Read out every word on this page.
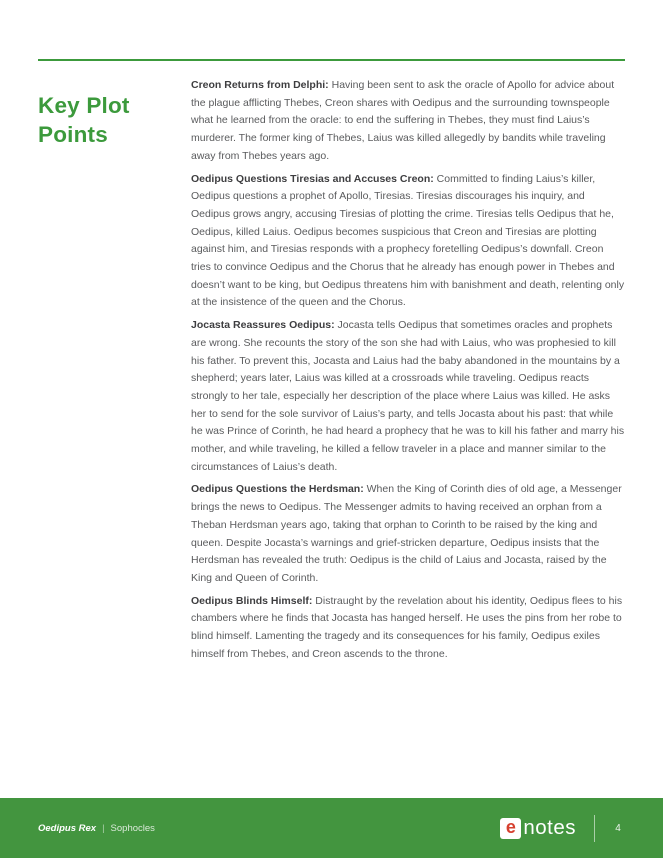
Key Plot Points

Creon Returns from Delphi: Having been sent to ask the oracle of Apollo for advice about the plague afflicting Thebes, Creon shares with Oedipus and the surrounding townspeople what he learned from the oracle: to end the suffering in Thebes, they must find Laius’s murderer. The former king of Thebes, Laius was killed allegedly by bandits while traveling away from Thebes years ago.

Oedipus Questions Tiresias and Accuses Creon: Committed to finding Laius’s killer, Oedipus questions a prophet of Apollo, Tiresias. Tiresias discourages his inquiry, and Oedipus grows angry, accusing Tiresias of plotting the crime. Tiresias tells Oedipus that he, Oedipus, killed Laius. Oedipus becomes suspicious that Creon and Tiresias are plotting against him, and Tiresias responds with a prophecy foretelling Oedipus’s downfall. Creon tries to convince Oedipus and the Chorus that he already has enough power in Thebes and doesn’t want to be king, but Oedipus threatens him with banishment and death, relenting only at the insistence of the queen and the Chorus.

Jocasta Reassures Oedipus: Jocasta tells Oedipus that sometimes oracles and prophets are wrong. She recounts the story of the son she had with Laius, who was prophesied to kill his father. To prevent this, Jocasta and Laius had the baby abandoned in the mountains by a shepherd; years later, Laius was killed at a crossroads while traveling. Oedipus reacts strongly to her tale, especially her description of the place where Laius was killed. He asks her to send for the sole survivor of Laius’s party, and tells Jocasta about his past: that while he was Prince of Corinth, he had heard a prophecy that he was to kill his father and marry his mother, and while traveling, he killed a fellow traveler in a place and manner similar to the circumstances of Laius’s death.

Oedipus Questions the Herdsman: When the King of Corinth dies of old age, a Messenger brings the news to Oedipus. The Messenger admits to having received an orphan from a Theban Herdsman years ago, taking that orphan to Corinth to be raised by the king and queen. Despite Jocasta’s warnings and grief-stricken departure, Oedipus insists that the Herdsman has revealed the truth: Oedipus is the child of Laius and Jocasta, raised by the King and Queen of Corinth.

Oedipus Blinds Himself: Distraught by the revelation about his identity, Oedipus flees to his chambers where he finds that Jocasta has hanged herself. He uses the pins from her robe to blind himself. Lamenting the tragedy and its consequences for his family, Oedipus exiles himself from Thebes, and Creon ascends to the throne.

Oedipus Rex | Sophocles	e notes	4
